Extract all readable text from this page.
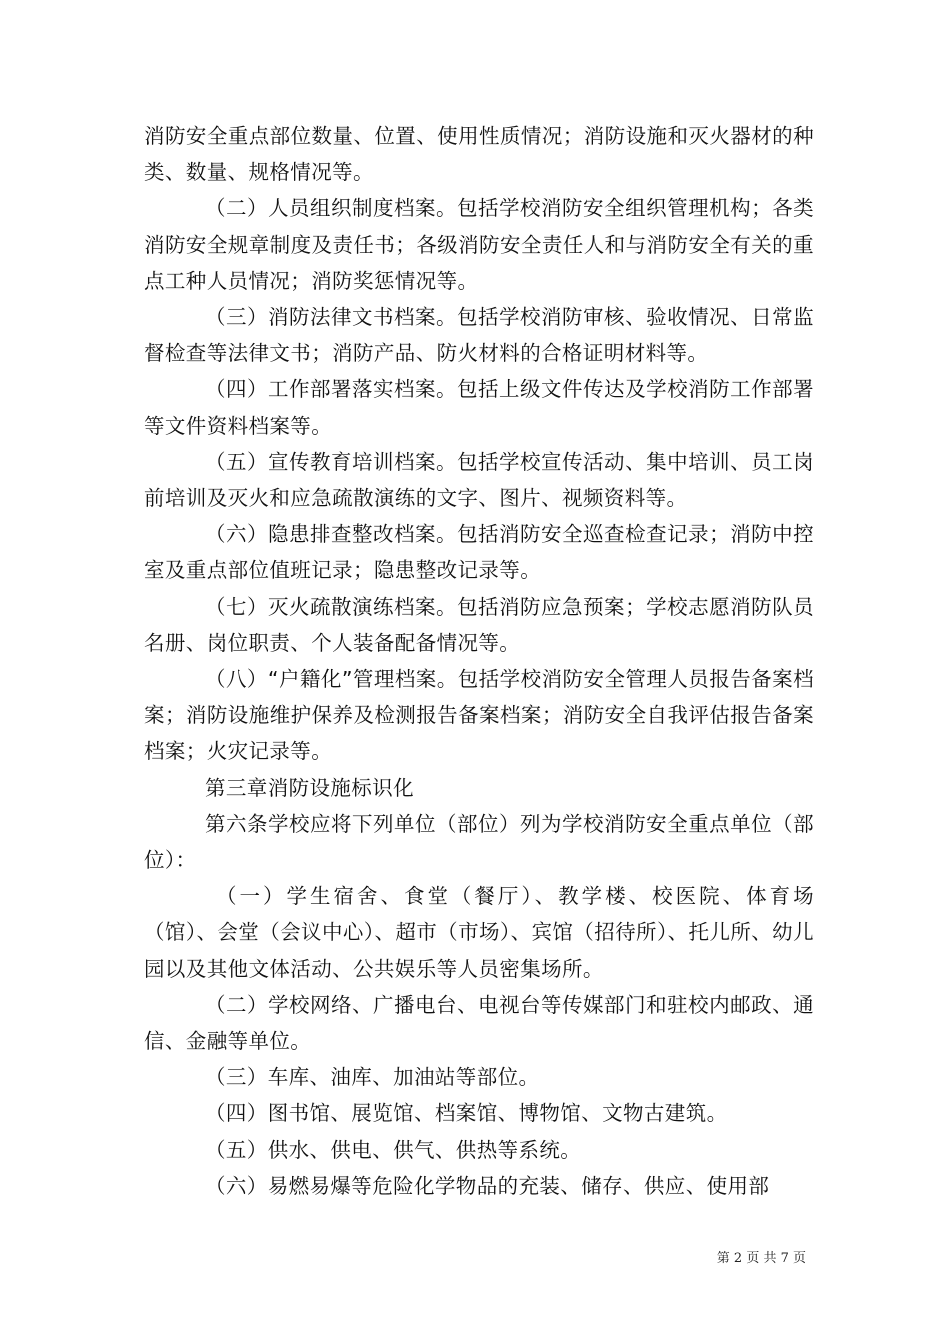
消防安全重点部位数量、位置、使用性质情况；消防设施和灭火器材的种类、数量、规格情况等。

（二）人员组织制度档案。包括学校消防安全组织管理机构；各类消防安全规章制度及责任书；各级消防安全责任人和与消防安全有关的重点工种人员情况；消防奖惩情况等。

（三）消防法律文书档案。包括学校消防审核、验收情况、日常监督检查等法律文书；消防产品、防火材料的合格证明材料等。

（四）工作部署落实档案。包括上级文件传达及学校消防工作部署等文件资料档案等。

（五）宣传教育培训档案。包括学校宣传活动、集中培训、员工岗前培训及灭火和应急疏散演练的文字、图片、视频资料等。

（六）隐患排查整改档案。包括消防安全巡查检查记录；消防中控室及重点部位值班记录；隐患整改记录等。

（七）灭火疏散演练档案。包括消防应急预案；学校志愿消防队员名册、岗位职责、个人装备配备情况等。

（八）“户籍化”管理档案。包括学校消防安全管理人员报告备案档案；消防设施维护保养及检测报告备案档案；消防安全自我评估报告备案档案；火灾记录等。

第三章消防设施标识化

第六条学校应将下列单位（部位）列为学校消防安全重点单位（部位）：

（一）学生宿舍、食堂（餐厅）、教学楼、校医院、体育场（馆）、会堂（会议中心）、超市（市场）、宾馆（招待所）、托儿所、幼儿园以及其他文体活动、公共娱乐等人员密集场所。

（二）学校网络、广播电台、电视台等传媒部门和驻校内邮政、通信、金融等单位。

（三）车库、油库、加油站等部位。

（四）图书馆、展览馆、档案馆、博物馆、文物古建筑。

（五）供水、供电、供气、供热等系统。

（六）易燃易爆等危险化学物品的充装、储存、供应、使用部

第 2 页 共 7 页
